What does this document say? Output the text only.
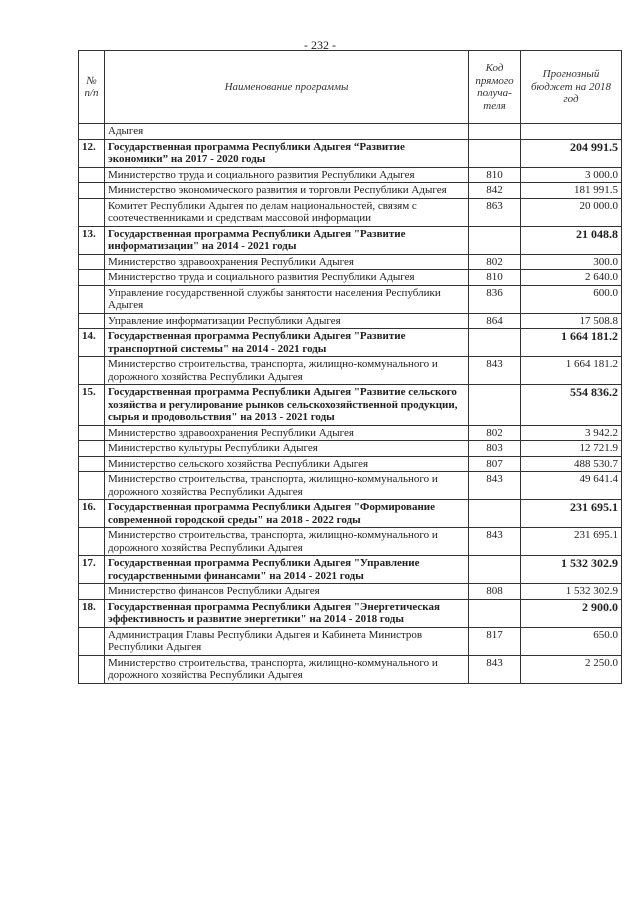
- 232 -
№ п/п	Наименование программы	Код прямого получа-теля	Прогнозный бюджет на 2018 год
	Адыгея		
12.	Государственная программа Республики Адыгея “Развитие экономики” на 2017 - 2020 годы		204 991.5
	Министерство труда и социального развития Республики Адыгея	810	3 000.0
	Министерство экономического развития и торговли Республики Адыгея	842	181 991.5
	Комитет Республики Адыгея по делам национальностей, связям с соотечественниками и средствам массовой информации	863	20 000.0
13.	Государственная программа Республики Адыгея "Развитие информатизации" на 2014 - 2021 годы		21 048.8
	Министерство здравоохранения Республики Адыгея	802	300.0
	Министерство труда и социального развития Республики Адыгея	810	2 640.0
	Управление государственной службы занятости населения Республики Адыгея	836	600.0
	Управление информатизации Республики Адыгея	864	17 508.8
14.	Государственная программа Республики Адыгея "Развитие транспортной системы" на 2014 - 2021 годы		1 664 181.2
	Министерство строительства, транспорта, жилищно-коммунального и дорожного хозяйства Республики Адыгея	843	1 664 181.2
15.	Государственная программа Республики Адыгея "Развитие сельского хозяйства и регулирование рынков сельскохозяйственной продукции, сырья и продовольствия" на 2013 - 2021 годы		554 836.2
	Министерство здравоохранения Республики Адыгея	802	3 942.2
	Министерство культуры Республики Адыгея	803	12 721.9
	Министерство сельского хозяйства Республики Адыгея	807	488 530.7
	Министерство строительства, транспорта, жилищно-коммунального и дорожного хозяйства Республики Адыгея	843	49 641.4
16.	Государственная программа Республики Адыгея "Формирование современной городской среды" на 2018 - 2022 годы		231 695.1
	Министерство строительства, транспорта, жилищно-коммунального и дорожного хозяйства Республики Адыгея	843	231 695.1
17.	Государственная программа Республики Адыгея "Управление государственными финансами" на 2014 - 2021 годы		1 532 302.9
	Министерство финансов Республики Адыгея	808	1 532 302.9
18.	Государственная программа Республики Адыгея "Энергетическая эффективность и развитие энергетики" на 2014 - 2018 годы		2 900.0
	Администрация Главы Республики Адыгея и Кабинета Министров Республики Адыгея	817	650.0
	Министерство строительства, транспорта, жилищно-коммунального и дорожного хозяйства Республики Адыгея	843	2 250.0
